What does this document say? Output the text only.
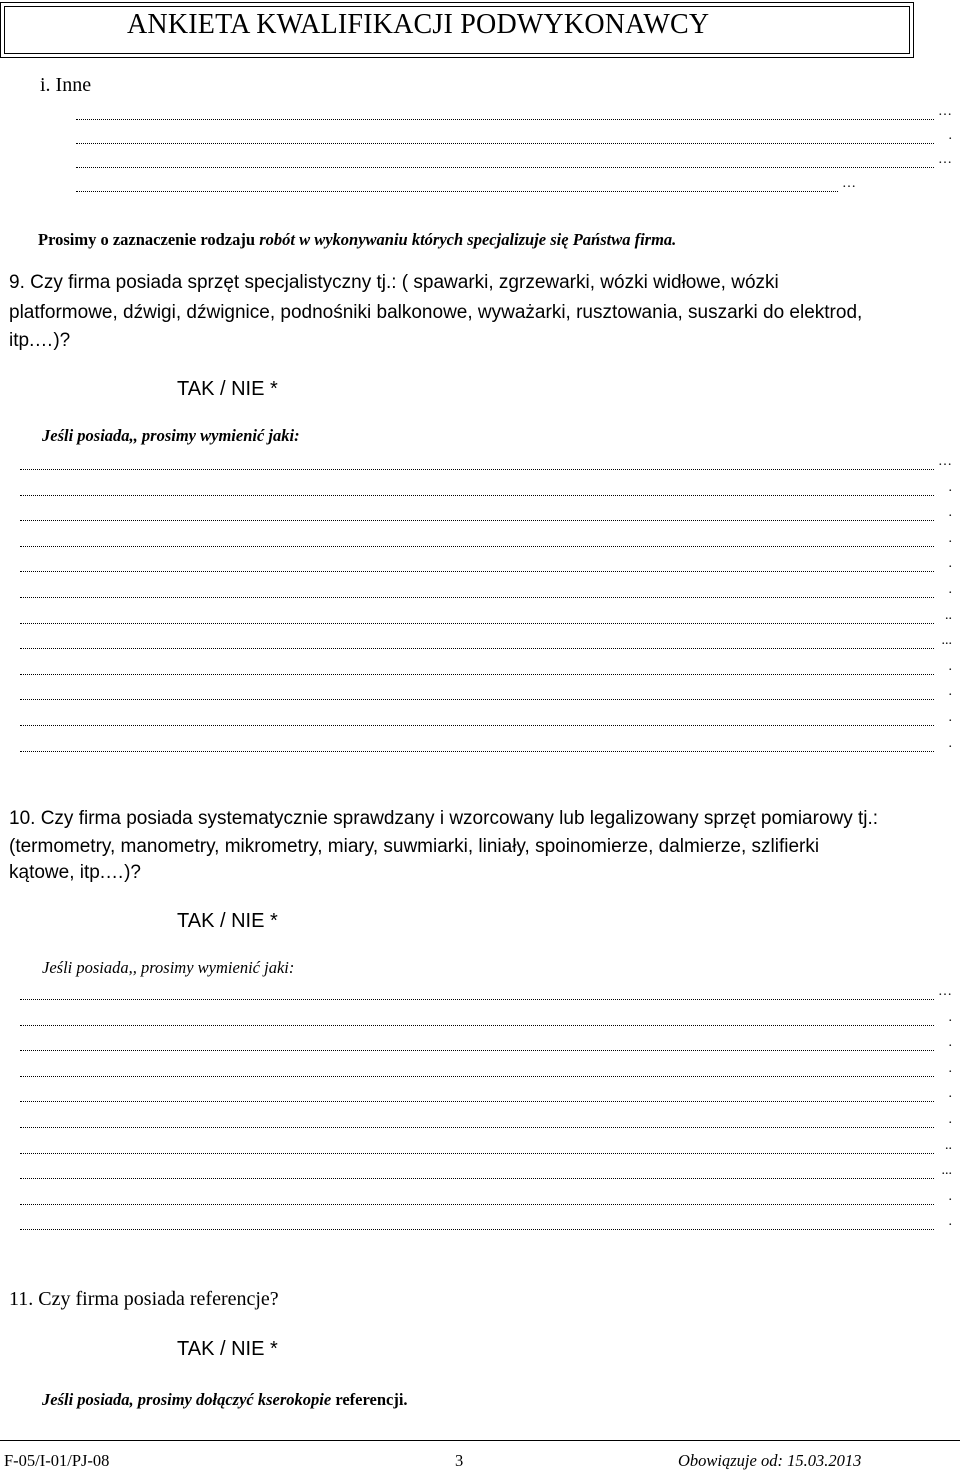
ANKIETA KWALIFIKACJI PODWYKONAWCY
i. Inne
…
.
…
…
Prosimy o zaznaczenie rodzaju robót w wykonywaniu których specjalizuje się Państwa firma.
9. Czy firma posiada sprzęt specjalistyczny tj.: ( spawarki, zgrzewarki, wózki widłowe, wózki
platformowe, dźwigi, dźwignice, podnośniki balkonowe, wyważarki, rusztowania, suszarki do elektrod,
itp.…)?
TAK / NIE *
Jeśli posiada,, prosimy wymienić jaki:
…
.
.
.
.
.
..
...
.
.
.
.
10. Czy firma posiada systematycznie sprawdzany i wzorcowany lub legalizowany sprzęt pomiarowy tj.:
(termometry, manometry, mikrometry, miary, suwmiarki, liniały, spoinomierze, dalmierze, szlifierki
kątowe, itp.…)?
TAK / NIE *
Jeśli posiada,, prosimy wymienić jaki:
…
.
.
.
.
.
..
...
.
.
11. Czy firma posiada referencje?
TAK / NIE *
Jeśli posiada, prosimy dołączyć kserokopie referencji.
F-05/I-01/PJ-08	3	Obowiązuje od: 15.03.2013
